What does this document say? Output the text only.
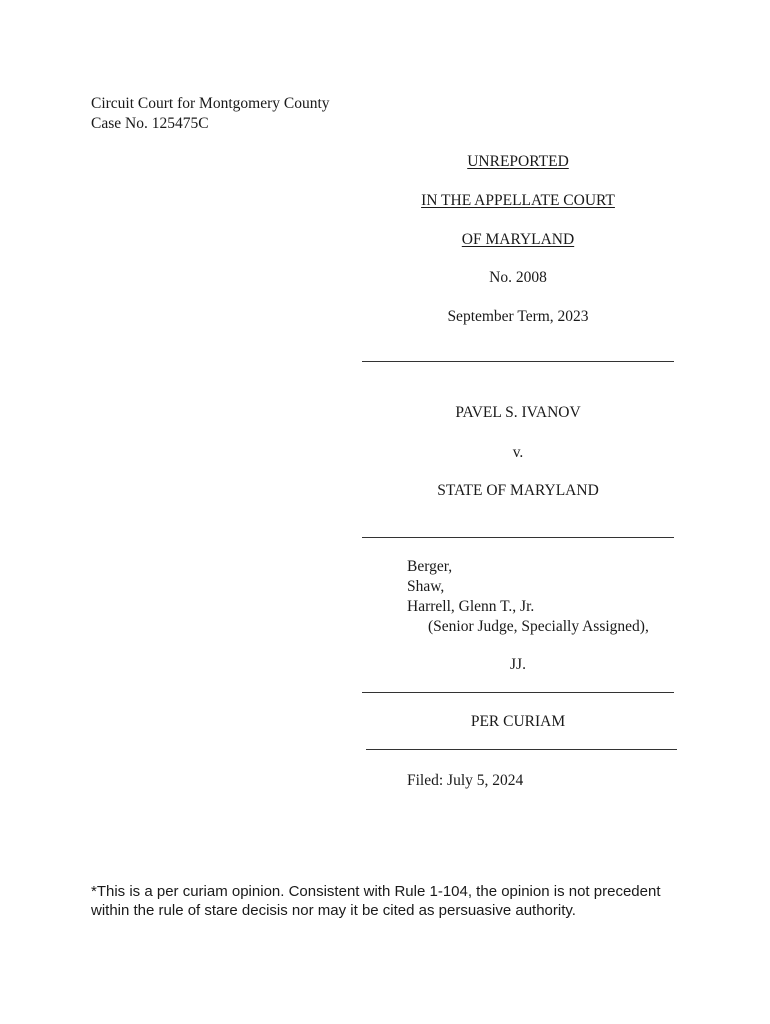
Circuit Court for Montgomery County
Case No. 125475C
UNREPORTED
IN THE APPELLATE COURT
OF MARYLAND
No. 2008
September Term, 2023
PAVEL S. IVANOV
v.
STATE OF MARYLAND
Berger,
Shaw,
Harrell, Glenn T., Jr.
(Senior Judge, Specially Assigned),
JJ.
PER CURIAM
Filed: July 5, 2024
*This is a per curiam opinion. Consistent with Rule 1-104, the opinion is not precedent
within the rule of stare decisis nor may it be cited as persuasive authority.
